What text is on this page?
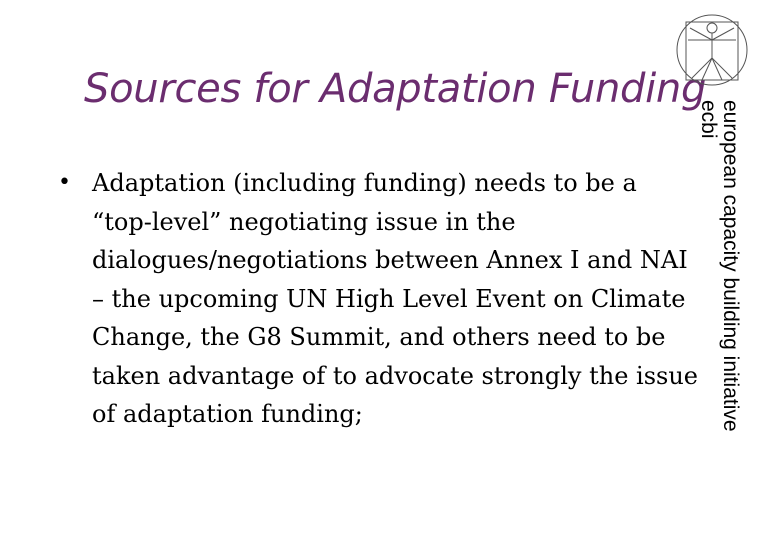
Sources for Adaptation Funding
• Adaptation (including funding) needs to be a “top-level” negotiating issue in the dialogues/negotiations between Annex I and NAI – the upcoming UN High Level Event on Climate Change, the G8 Summit, and others need to be taken advantage of to advocate strongly the issue of adaptation funding;	european capacity building initiative
ecbi
